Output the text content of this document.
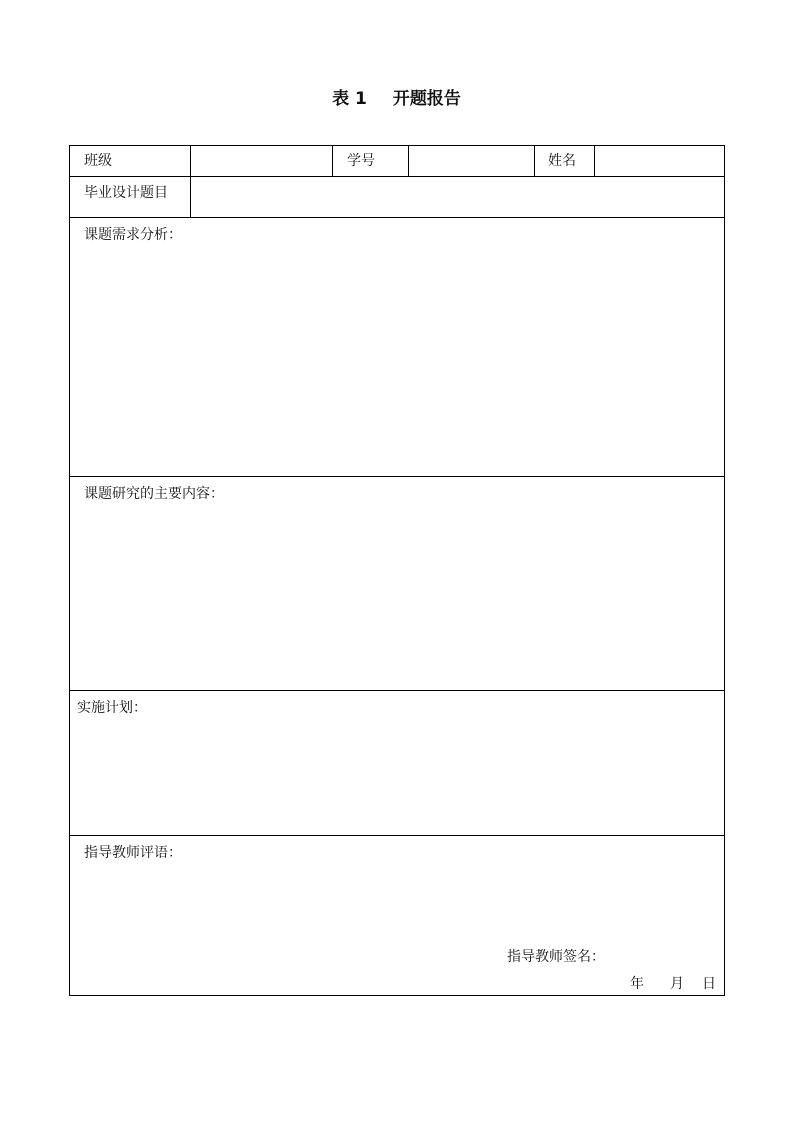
表 1 开题报告
班级	学号	姓名
毕业设计题目
课题需求分析：
课题研究的主要内容：
实施计划：
指导教师评语：
指导教师签名：
年 月 日
